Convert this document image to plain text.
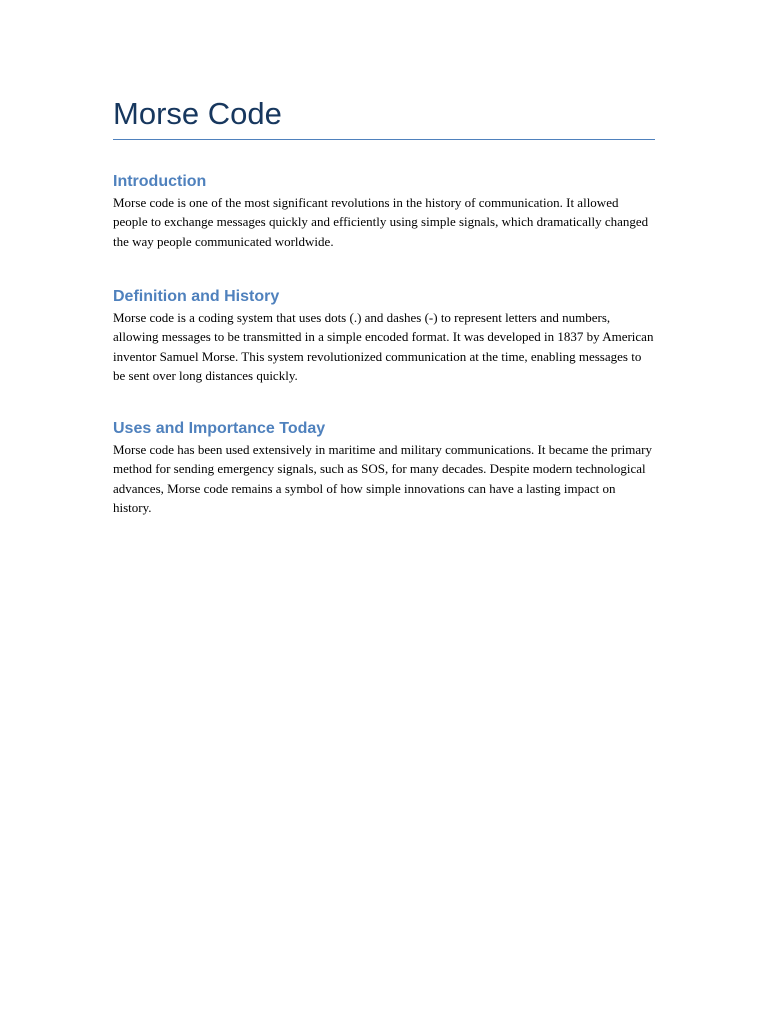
Morse Code
Introduction

Morse code is one of the most significant revolutions in the history of communication. It allowed people to exchange messages quickly and efficiently using simple signals, which dramatically changed the way people communicated worldwide.

Definition and History

Morse code is a coding system that uses dots (.) and dashes (-) to represent letters and numbers, allowing messages to be transmitted in a simple encoded format. It was developed in 1837 by American inventor Samuel Morse. This system revolutionized communication at the time, enabling messages to be sent over long distances quickly.

Uses and Importance Today

Morse code has been used extensively in maritime and military communications. It became the primary method for sending emergency signals, such as SOS, for many decades. Despite modern technological advances, Morse code remains a symbol of how simple innovations can have a lasting impact on history.
